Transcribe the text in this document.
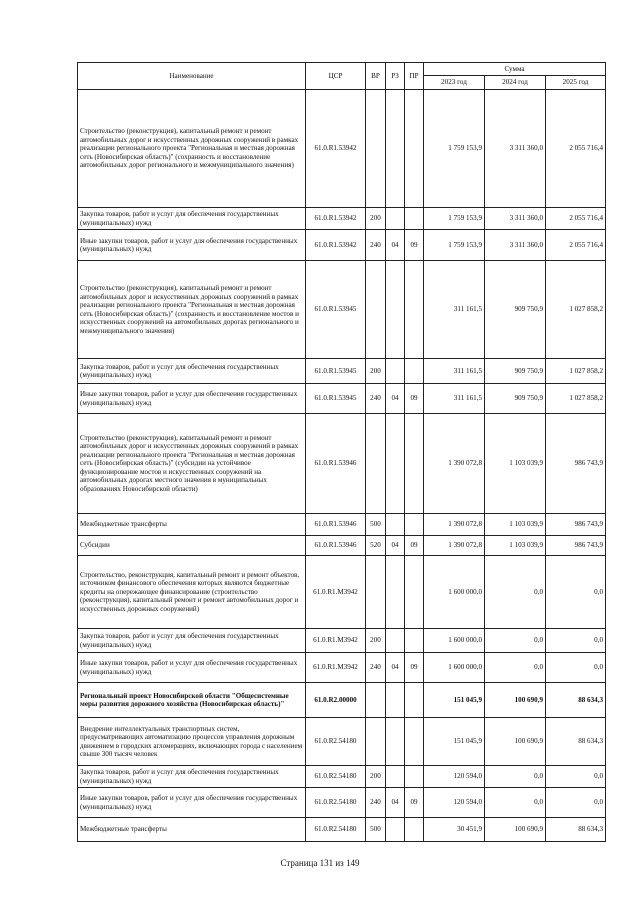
Наименование	ЦСР	ВР	РЗ	ПР	Сумма		
					2023 год	2024 год	2025 год
Строительство (реконструкция), капитальный ремонт и ремонт автомобильных дорог и искусственных дорожных сооружений в рамках реализации регионального проекта "Региональная и местная дорожная сеть (Новосибирская область)" (сохранность и восстановление автомобильных дорог регионального и межмуниципального значения)	61.0.R1.53942				1 759 153,9	3 311 360,0	2 055 716,4
Закупка товаров, работ и услуг для обеспечения государственных (муниципальных) нужд	61.0.R1.53942	200			1 759 153,9	3 311 360,0	2 055 716,4
Иные закупки товаров, работ и услуг для обеспечения государственных (муниципальных) нужд	61.0.R1.53942	240	04	09	1 759 153,9	3 311 360,0	2 055 716,4
Строительство (реконструкция), капитальный ремонт и ремонт автомобильных дорог и искусственных дорожных сооружений в рамках реализации регионального проекта "Региональная и местная дорожная сеть (Новосибирская область)" (сохранность и восстановление мостов и искусственных сооружений на автомобильных дорогах регионального и межмуниципального значения)	61.0.R1.53945				311 161,5	909 750,9	1 027 858,2
Закупка товаров, работ и услуг для обеспечения государственных (муниципальных) нужд	61.0.R1.53945	200			311 161,5	909 750,9	1 027 858,2
Иные закупки товаров, работ и услуг для обеспечения государственных (муниципальных) нужд	61.0.R1.53945	240	04	09	311 161,5	909 750,9	1 027 858,2
Строительство (реконструкция), капитальный ремонт и ремонт автомобильных дорог и искусственных дорожных сооружений в рамках реализации регионального проекта "Региональная и местная дорожная сеть (Новосибирская область)" (субсидии на устойчивое функционирование мостов и искусственных сооружений на автомобильных дорогах местного значения в муниципальных образованиях Новосибирской области)	61.0.R1.53946				1 390 072,8	1 103 039,9	986 743,9
Межбюджетные трансферты	61.0.R1.53946	500			1 390 072,8	1 103 039,9	986 743,9
Субсидии	61.0.R1.53946	520	04	09	1 390 072,8	1 103 039,9	986 743,9
Строительство, реконструкция, капитальный ремонт и ремонт объектов, источником финансового обеспечения которых являются бюджетные кредиты на опережающее финансирование (строительство (реконструкция), капитальный ремонт и ремонт автомобильных дорог и искусственных дорожных сооружений)	61.0.R1.M3942				1 600 000,0	0,0	0,0
Закупка товаров, работ и услуг для обеспечения государственных (муниципальных) нужд	61.0.R1.M3942	200			1 600 000,0	0,0	0,0
Иные закупки товаров, работ и услуг для обеспечения государственных (муниципальных) нужд	61.0.R1.M3942	240	04	09	1 600 000,0	0,0	0,0
Региональный проект Новосибирской области "Общесистемные меры развития дорожного хозяйства (Новосибирская область)"	61.0.R2.00000				151 045,9	100 690,9	88 634,3
Внедрение интеллектуальных транспортных систем, предусматривающих автоматизацию процессов управления дорожным движением в городских агломерациях, включающих города с населением свыше 300 тысяч человек	61.0.R2.54180				151 045,9	100 690,9	88 634,3
Закупка товаров, работ и услуг для обеспечения государственных (муниципальных) нужд	61.0.R2.54180	200			120 594,0	0,0	0,0
Иные закупки товаров, работ и услуг для обеспечения государственных (муниципальных) нужд	61.0.R2.54180	240	04	09	120 594,0	0,0	0,0
Межбюджетные трансферты	61.0.R2.54180	500			30 451,9	100 690,9	88 634,3
Страница 131 из 149
